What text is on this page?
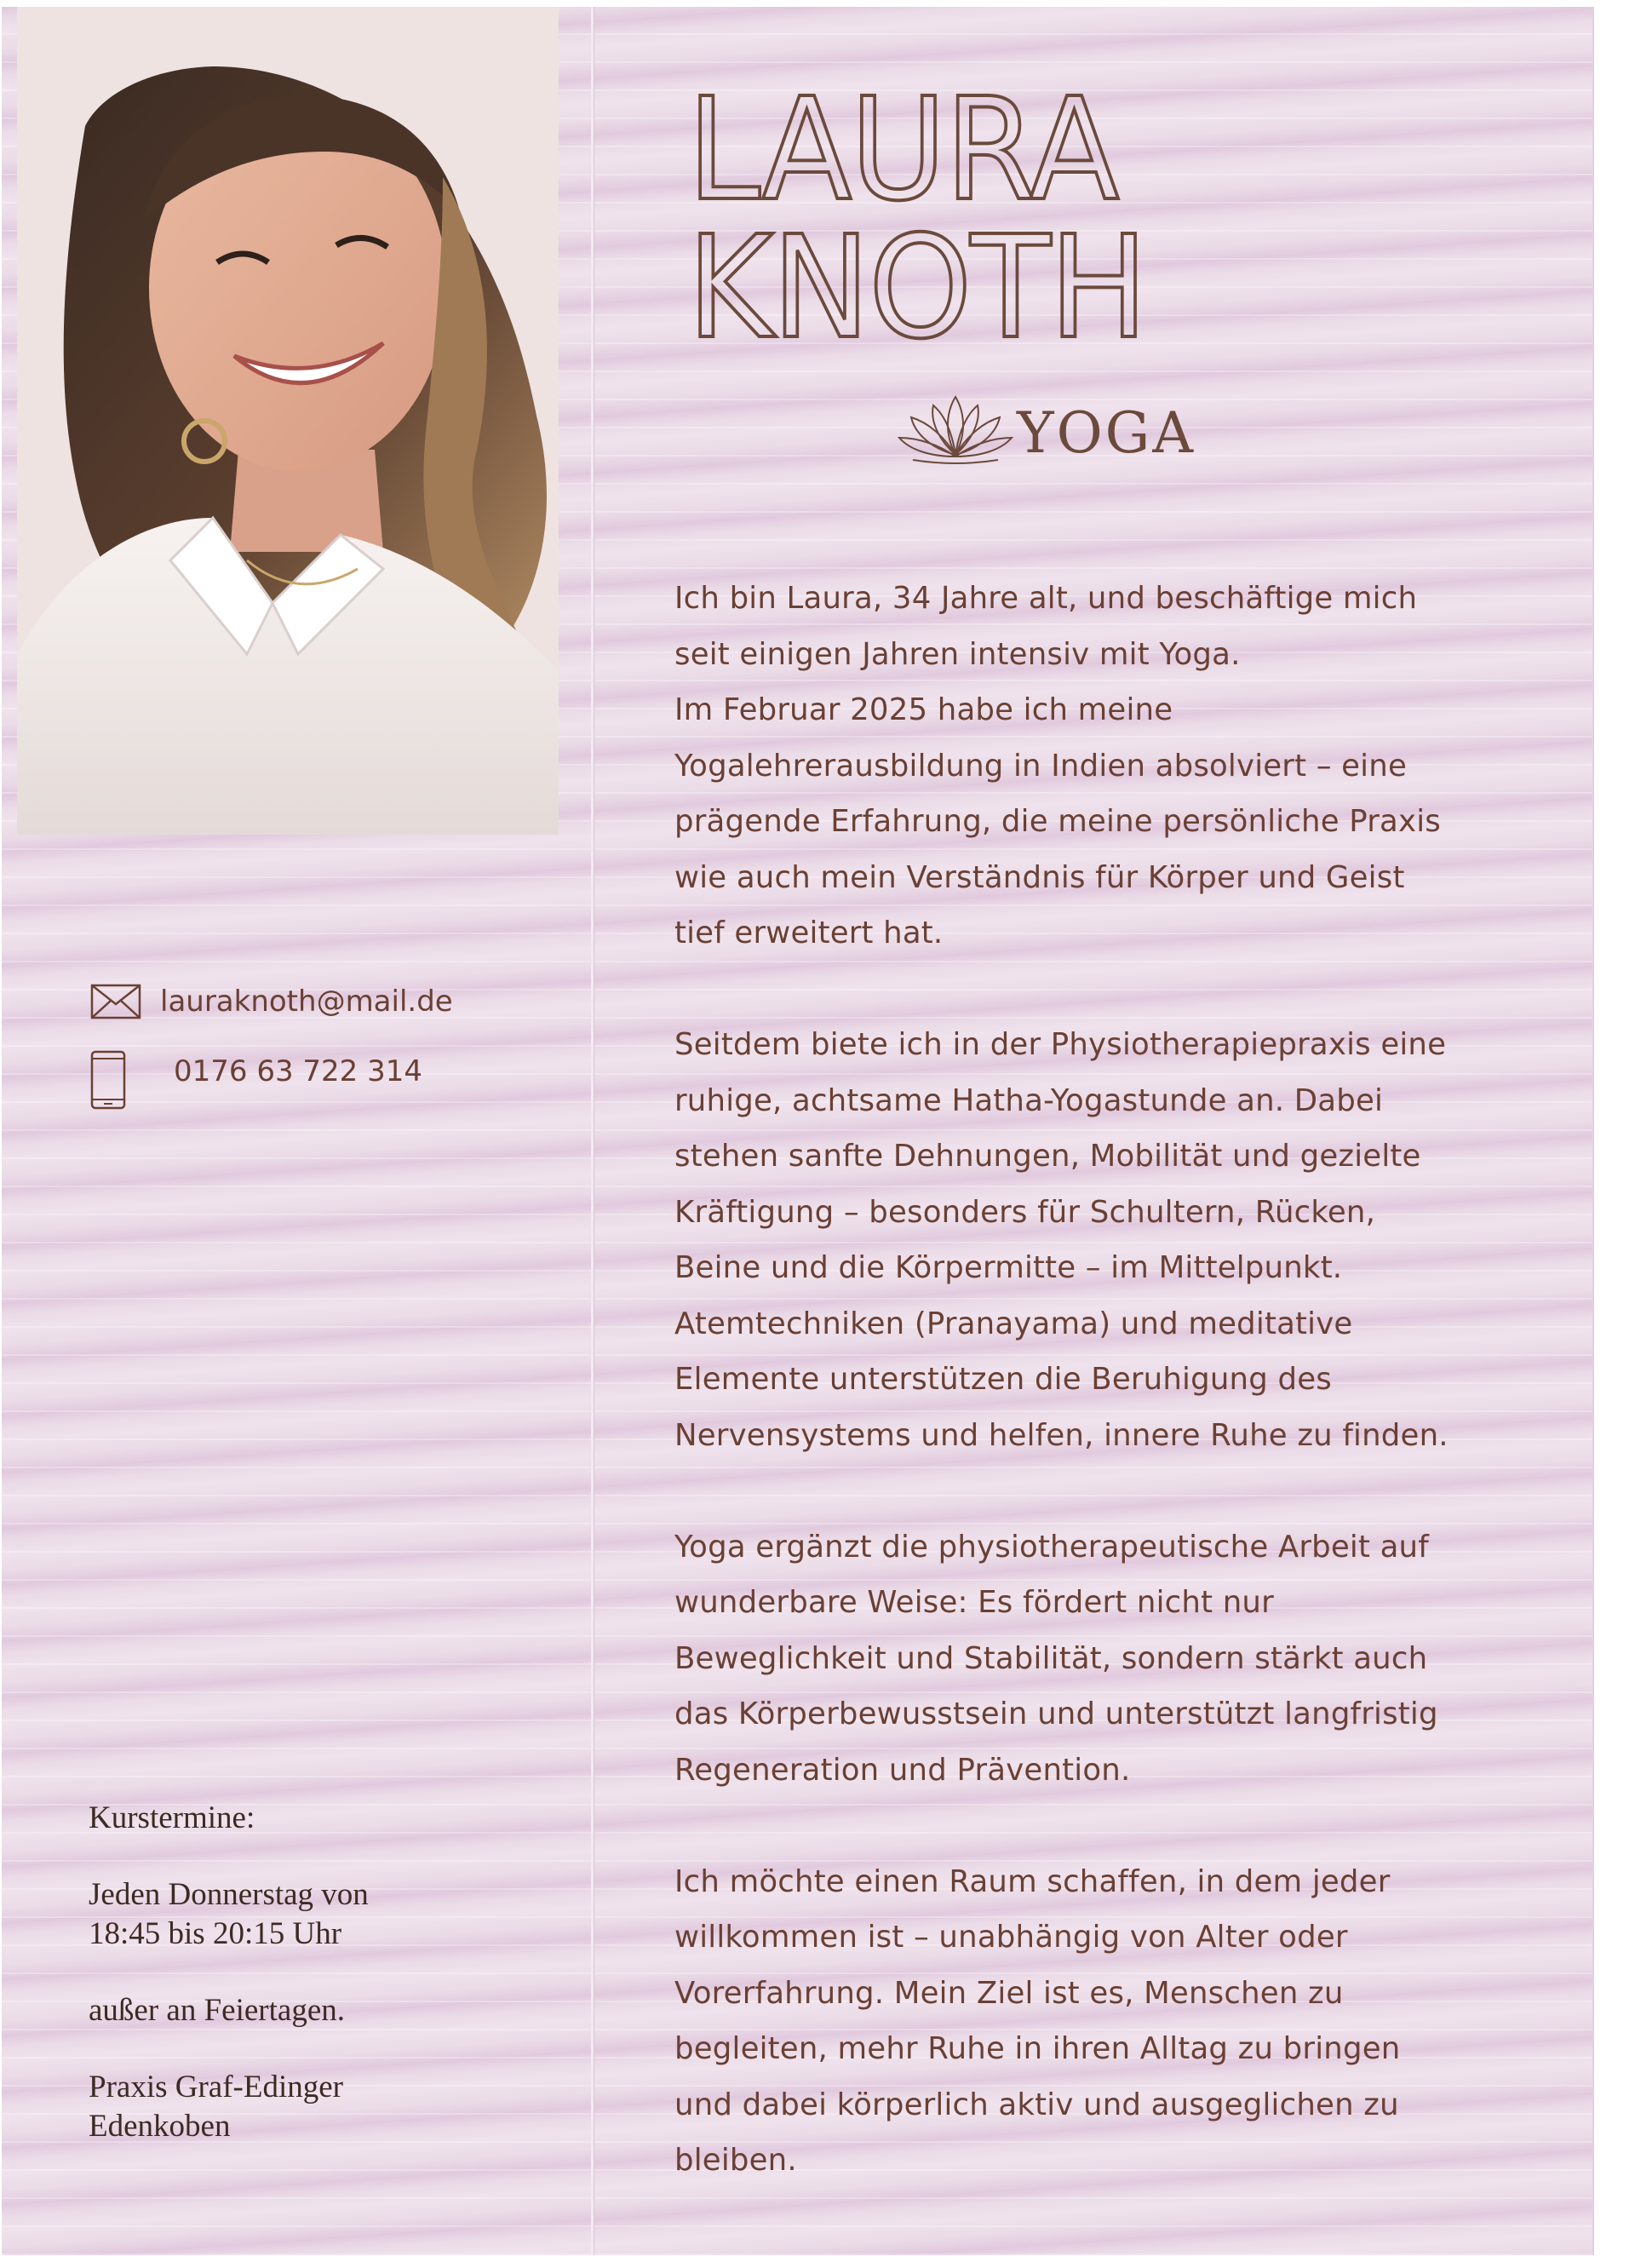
LAURA
KNOTH
YOGA

Ich bin Laura, 34 Jahre alt, und beschäftige mich
seit einigen Jahren intensiv mit Yoga.
Im Februar 2025 habe ich meine
Yogalehrerausbildung in Indien absolviert – eine
prägende Erfahrung, die meine persönliche Praxis
wie auch mein Verständnis für Körper und Geist
tief erweitert hat.

Seitdem biete ich in der Physiotherapiepraxis eine
ruhige, achtsame Hatha-Yogastunde an. Dabei
stehen sanfte Dehnungen, Mobilität und gezielte
Kräftigung – besonders für Schultern, Rücken,
Beine und die Körpermitte – im Mittelpunkt.
Atemtechniken (Pranayama) und meditative
Elemente unterstützen die Beruhigung des
Nervensystems und helfen, innere Ruhe zu finden.

Yoga ergänzt die physiotherapeutische Arbeit auf
wunderbare Weise: Es fördert nicht nur
Beweglichkeit und Stabilität, sondern stärkt auch
das Körperbewusstsein und unterstützt langfristig
Regeneration und Prävention.

Ich möchte einen Raum schaffen, in dem jeder
willkommen ist – unabhängig von Alter oder
Vorerfahrung. Mein Ziel ist es, Menschen zu
begleiten, mehr Ruhe in ihren Alltag zu bringen
und dabei körperlich aktiv und ausgeglichen zu
bleiben.

lauraknoth@mail.de
0176 63 722 314

Kurstermine:

Jeden Donnerstag von
18:45 bis 20:15 Uhr

außer an Feiertagen.

Praxis Graf-Edinger
Edenkoben
